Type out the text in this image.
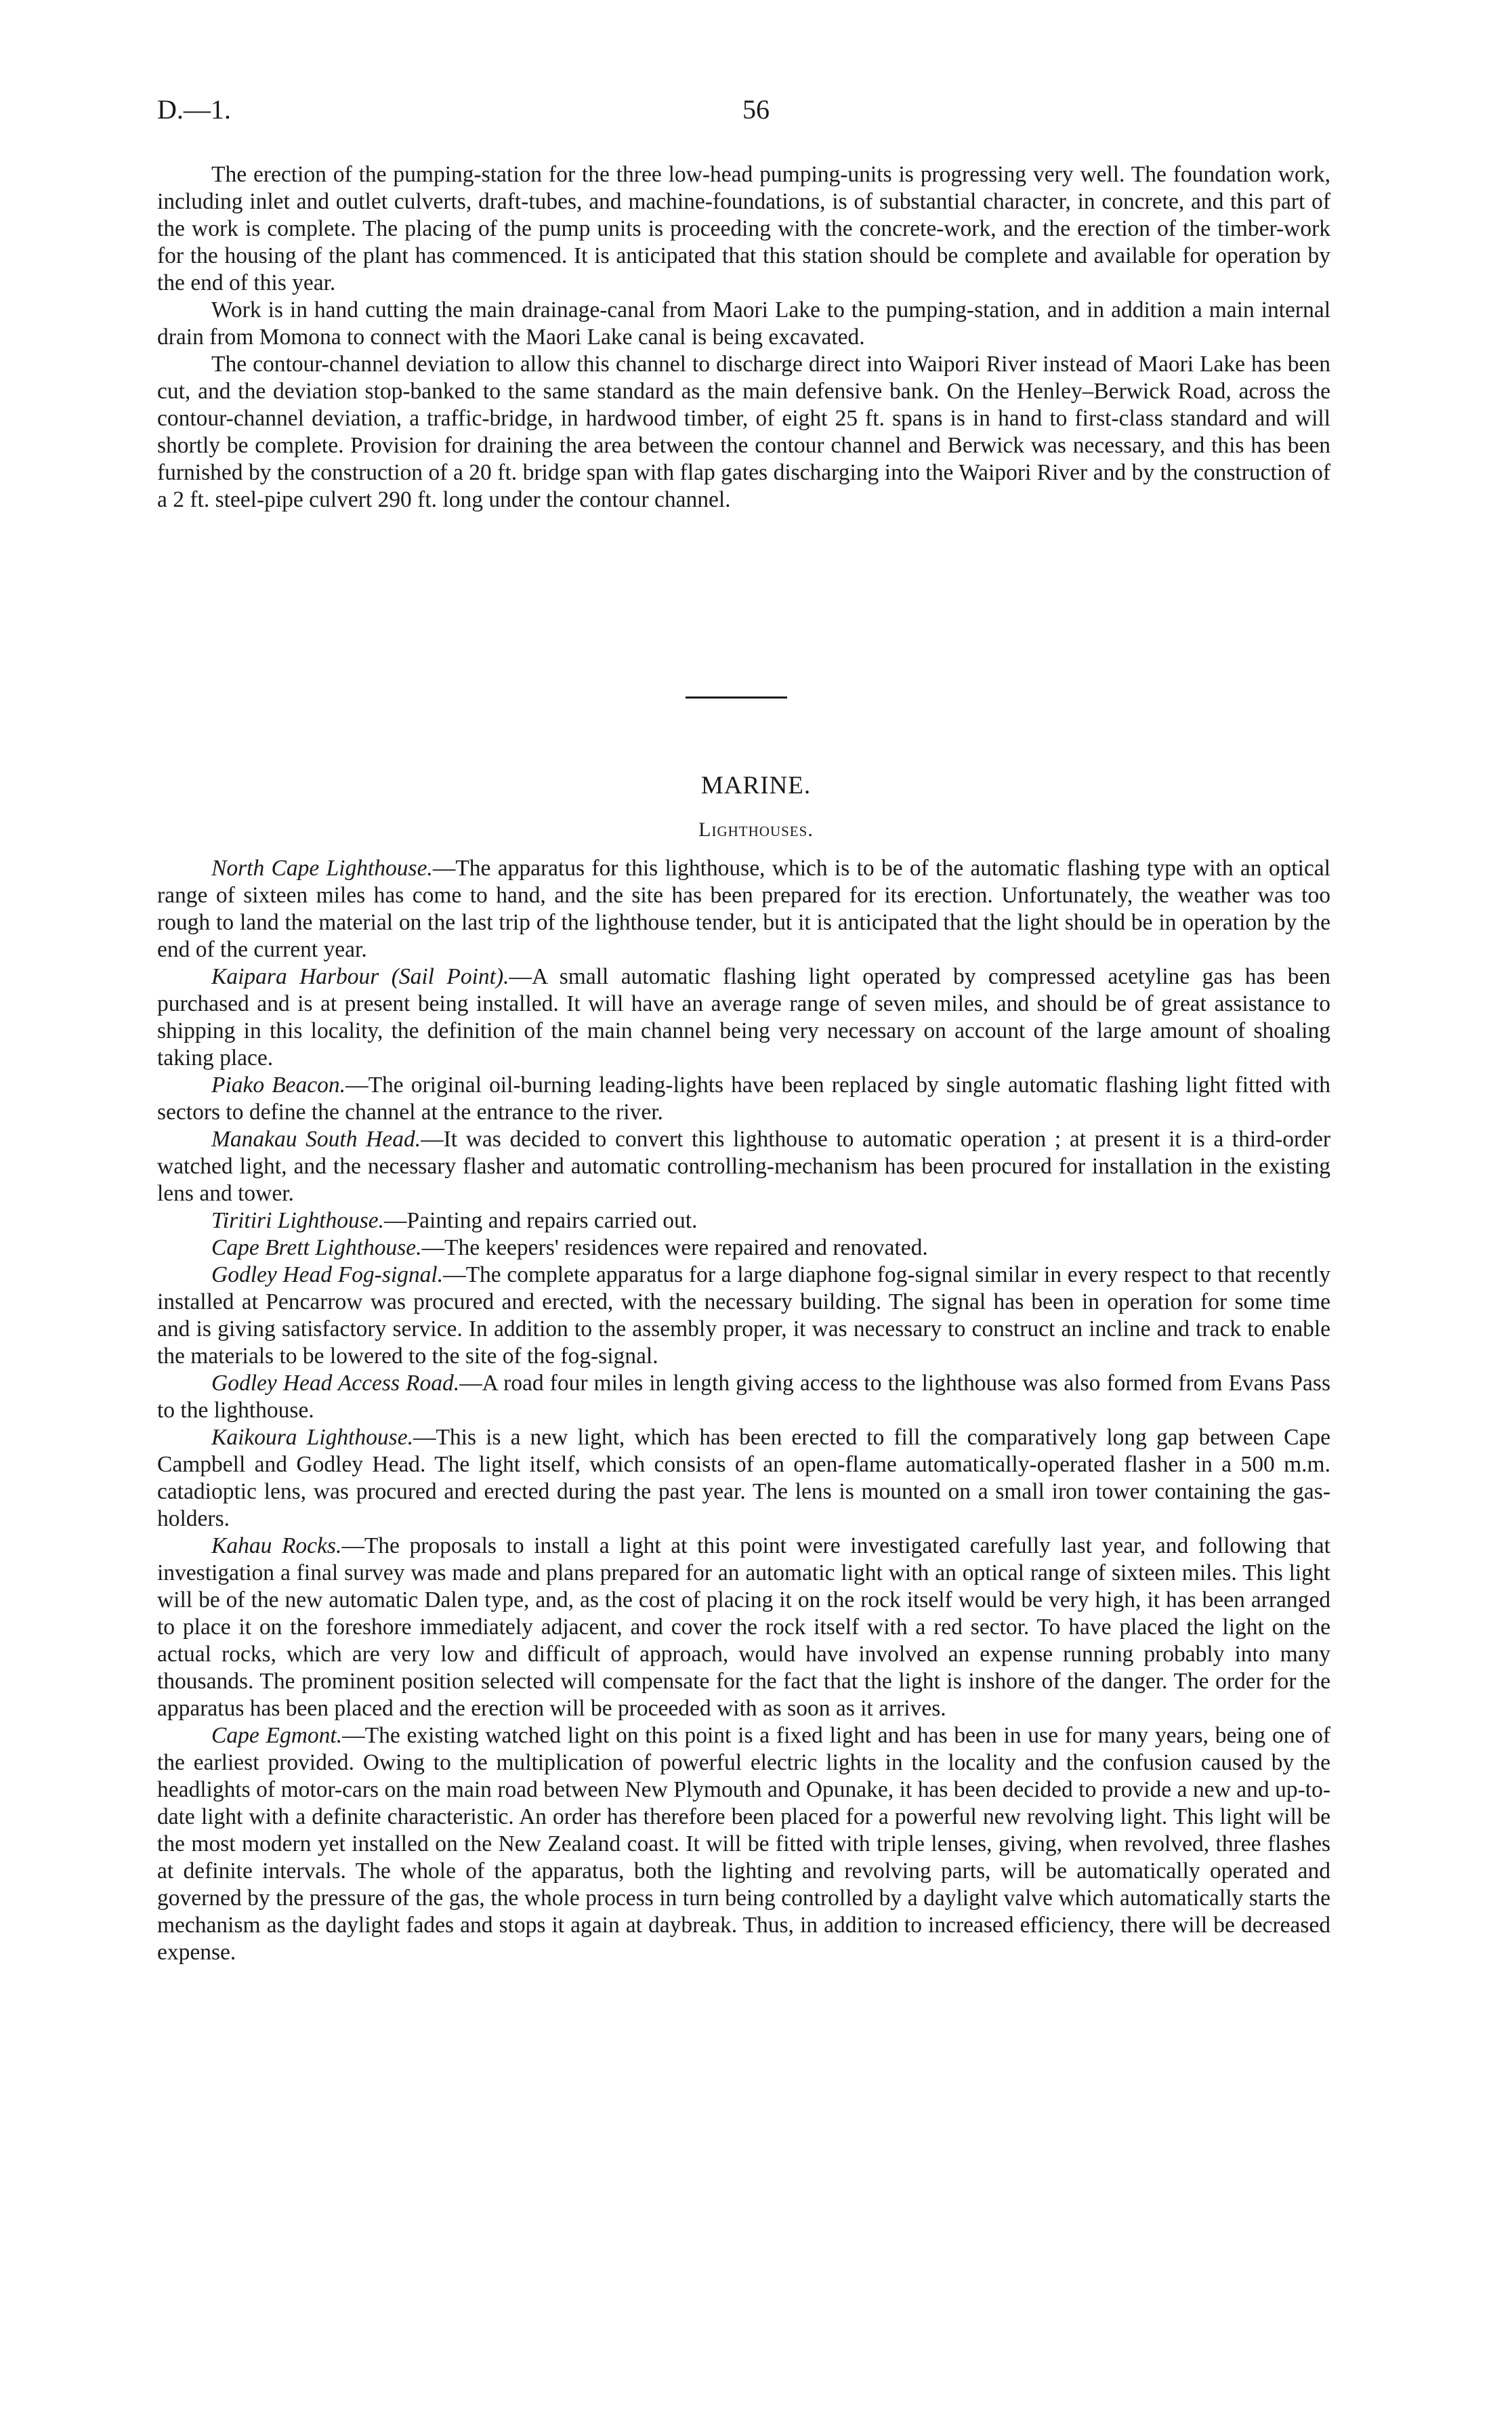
D.—1.	56

The erection of the pumping-station for the three low-head pumping-units is progressing very well. The foundation work, including inlet and outlet culverts, draft-tubes, and machine-foundations, is of substantial character, in concrete, and this part of the work is complete. The placing of the pump units is proceeding with the concrete-work, and the erection of the timber-work for the housing of the plant has commenced. It is anticipated that this station should be complete and available for operation by the end of this year.

Work is in hand cutting the main drainage-canal from Maori Lake to the pumping-station, and in addition a main internal drain from Momona to connect with the Maori Lake canal is being excavated.

The contour-channel deviation to allow this channel to discharge direct into Waipori River instead of Maori Lake has been cut, and the deviation stop-banked to the same standard as the main defensive bank. On the Henley–Berwick Road, across the contour-channel deviation, a traffic-bridge, in hardwood timber, of eight 25 ft. spans is in hand to first-class standard and will shortly be complete. Provision for draining the area between the contour channel and Berwick was necessary, and this has been furnished by the construction of a 20 ft. bridge span with flap gates discharging into the Waipori River and by the construction of a 2 ft. steel-pipe culvert 290 ft. long under the contour channel.

MARINE.
Lighthouses.

North Cape Lighthouse.—The apparatus for this lighthouse, which is to be of the automatic flashing type with an optical range of sixteen miles has come to hand, and the site has been prepared for its erection. Unfortunately, the weather was too rough to land the material on the last trip of the lighthouse tender, but it is anticipated that the light should be in operation by the end of the current year.

Kaipara Harbour (Sail Point).—A small automatic flashing light operated by compressed acetyline gas has been purchased and is at present being installed. It will have an average range of seven miles, and should be of great assistance to shipping in this locality, the definition of the main channel being very necessary on account of the large amount of shoaling taking place.

Piako Beacon.—The original oil-burning leading-lights have been replaced by single automatic flashing light fitted with sectors to define the channel at the entrance to the river.

Manakau South Head.—It was decided to convert this lighthouse to automatic operation ; at present it is a third-order watched light, and the necessary flasher and automatic controlling-mechanism has been procured for installation in the existing lens and tower.

Tiritiri Lighthouse.—Painting and repairs carried out.

Cape Brett Lighthouse.—The keepers' residences were repaired and renovated.

Godley Head Fog-signal.—The complete apparatus for a large diaphone fog-signal similar in every respect to that recently installed at Pencarrow was procured and erected, with the necessary building. The signal has been in operation for some time and is giving satisfactory service. In addition to the assembly proper, it was necessary to construct an incline and track to enable the materials to be lowered to the site of the fog-signal.

Godley Head Access Road.—A road four miles in length giving access to the lighthouse was also formed from Evans Pass to the lighthouse.

Kaikoura Lighthouse.—This is a new light, which has been erected to fill the comparatively long gap between Cape Campbell and Godley Head. The light itself, which consists of an open-flame automatically-operated flasher in a 500 m.m. catadioptic lens, was procured and erected during the past year. The lens is mounted on a small iron tower containing the gas-holders.

Kahau Rocks.—The proposals to install a light at this point were investigated carefully last year, and following that investigation a final survey was made and plans prepared for an automatic light with an optical range of sixteen miles. This light will be of the new automatic Dalen type, and, as the cost of placing it on the rock itself would be very high, it has been arranged to place it on the foreshore immediately adjacent, and cover the rock itself with a red sector. To have placed the light on the actual rocks, which are very low and difficult of approach, would have involved an expense running probably into many thousands. The prominent position selected will compensate for the fact that the light is inshore of the danger. The order for the apparatus has been placed and the erection will be proceeded with as soon as it arrives.

Cape Egmont.—The existing watched light on this point is a fixed light and has been in use for many years, being one of the earliest provided. Owing to the multiplication of powerful electric lights in the locality and the confusion caused by the headlights of motor-cars on the main road between New Plymouth and Opunake, it has been decided to provide a new and up-to-date light with a definite characteristic. An order has therefore been placed for a powerful new revolving light. This light will be the most modern yet installed on the New Zealand coast. It will be fitted with triple lenses, giving, when revolved, three flashes at definite intervals. The whole of the apparatus, both the lighting and revolving parts, will be automatically operated and governed by the pressure of the gas, the whole process in turn being controlled by a daylight valve which automatically starts the mechanism as the daylight fades and stops it again at daybreak. Thus, in addition to increased efficiency, there will be decreased expense.
